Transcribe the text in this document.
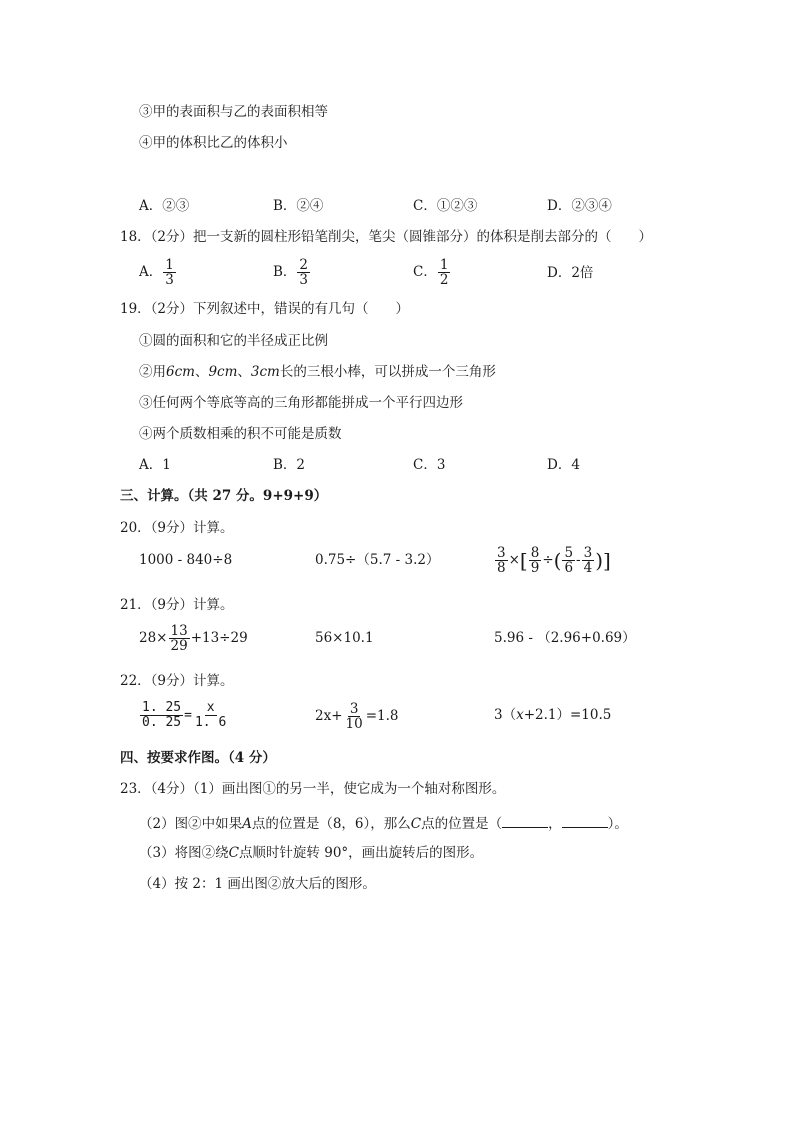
③甲的表面积与乙的表面积相等
④甲的体积比乙的体积小
A．②③	B．②④	C．①②③	D．②③④
18．（2分）把一支新的圆柱形铅笔削尖，笔尖（圆锥部分）的体积是削去部分的（　　）
A． $\frac{1}{3}$	B． $\frac{2}{3}$	C． $\frac{1}{2}$	D．2倍
19．（2分）下列叙述中，错误的有几句（　　）
①圆的面积和它的半径成正比例
②用6cm、9cm、3cm长的三根小棒，可以拼成一个三角形
③任何两个等底等高的三角形都能拼成一个平行四边形
④两个质数相乘的积不可能是质数
A．1	B．2	C．3	D．4
三、计算。（共 27 分。9+9+9）
20．（9分）计算。
1000 - 840÷8	0.75÷（5.7 - 3.2）	$\frac{3}{8}$ ×[ $\frac{8}{9}$ ÷( $\frac{5}{6} - \frac{3}{4}$ )]
21．（9分）计算。
$28\times \frac{13}{29} +13\div 29$	56×10.1	5.96 - （2.96+0.69）
22．（9分）计算。
$\frac{1. 25}{0. 25} = \frac{x}{1. 6}$	$2x+ \frac{3}{10} =1.8$	3（x+2.1）=10.5
四、按要求作图。（4 分）
23．（4分）（1）画出图①的另一半，使它成为一个轴对称图形。
（2）图②中如果A点的位置是（8，6），那么C点的位置是（	，	）。
（3）将图②绕C点顺时针旋转 90°，画出旋转后的图形。
（4）按 2：1 画出图②放大后的图形。
